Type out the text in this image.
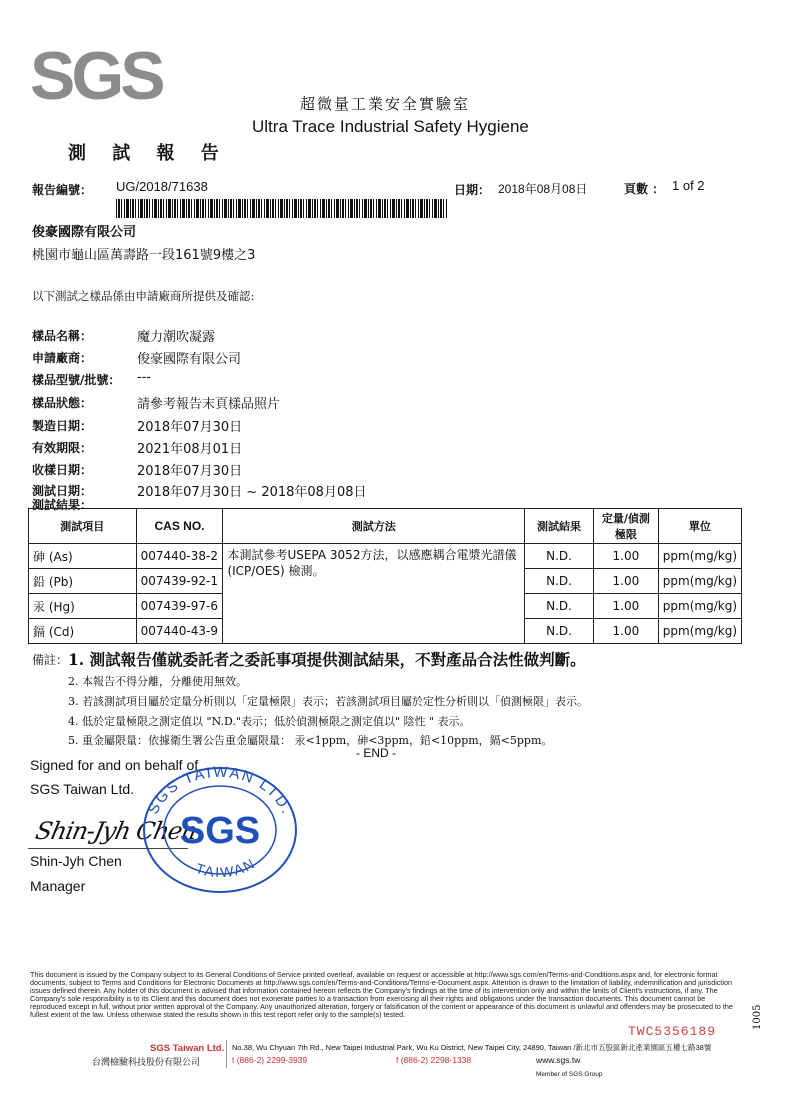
SGS	超微量工業安全實驗室
Ultra Trace Industrial Safety Hygiene
測 試 報 告
報告編號： UG/2018/71638	日期： 2018年08月08日	頁數 ： 1 of 2
俊豪國際有限公司
桃園市龜山區萬壽路一段161號9樓之3
以下測試之樣品係由申請廠商所提供及確認:
樣品名稱：	魔力潮吹凝露
申請廠商：	俊豪國際有限公司
樣品型號/批號：	---
樣品狀態：	請參考報告末頁樣品照片
製造日期：	2018年07月30日
有效期限：	2021年08月01日
收樣日期：	2018年07月30日
測試日期：	2018年07月30日 ~ 2018年08月08日
測試結果：
測試項目	CAS NO.	測試方法	測試結果	定量/偵測極限	單位
砷 (As)	007440-38-2	本測試參考USEPA 3052方法，以感應耦合電漿光譜儀(ICP/OES) 檢測。	N.D.	1.00	ppm(mg/kg)
鉛 (Pb)	007439-92-1		N.D.	1.00	ppm(mg/kg)
汞 (Hg)	007439-97-6		N.D.	1.00	ppm(mg/kg)
鎘 (Cd)	007440-43-9		N.D.	1.00	ppm(mg/kg)
備註： 1. 測試報告僅就委託者之委託事項提供測試結果，不對產品合法性做判斷。
2. 本報告不得分離，分離使用無效。
3. 若該測試項目屬於定量分析則以「定量極限」表示；若該測試項目屬於定性分析則以「偵測極限」表示。
4. 低於定量極限之測定值以 "N.D."表示；低於偵測極限之測定值以" 陰性 " 表示。
5. 重金屬限量：依據衛生署公告重金屬限量： 汞<1ppm，砷<3ppm，鉛<10ppm，鎘<5ppm。
- END -
Signed for and on behalf of
SGS Taiwan Ltd.
Shin-Jyh Chen
Shin-Jyh Chen
Manager
SGS TAIWAN LTD.
TAIWAN
SGS
This document is issued by the Company subject to its General Conditions of Service printed overleaf, available on request or accessible at http://www.sgs.com/en/Terms-and-Conditions.aspx and, for electronic format documents, subject to Terms and Conditions for Electronic Documents at http://www.sgs.com/en/Terms-and-Conditions/Terms-e-Document.aspx. Attention is drawn to the limitation of liability, indemnification and jurisdiction issues defined therein. Any holder of this document is advised that information contained hereon reflects the Company's findings at the time of its intervention only and within the limits of Client's instructions, if any. The Company's sole responsibility is to its Client and this document does not exonerate parties to a transaction from exercising all their rights and obligations under the transaction documents. This document cannot be reproduced except in full, without prior written approval of the Company. Any unauthorized alteration, forgery or falsification of the content or appearance of this document is unlawful and offenders may be prosecuted to the fullest extent of the law. Unless otherwise stated the results shown in this test report refer only to the sample(s) tested.
TWC5356189
1005
SGS Taiwan Ltd.
台灣檢驗科技股份有限公司
No.38, Wu Chyuan 7th Rd., New Taipei Industrial Park, Wu Ku District, New Taipei City, 24890, Taiwan /新北市五股區新北產業園區五權七路38號
t (886-2) 2299-3939	f (886-2) 2298-1338	www.sgs.tw
Member of SGS Group
